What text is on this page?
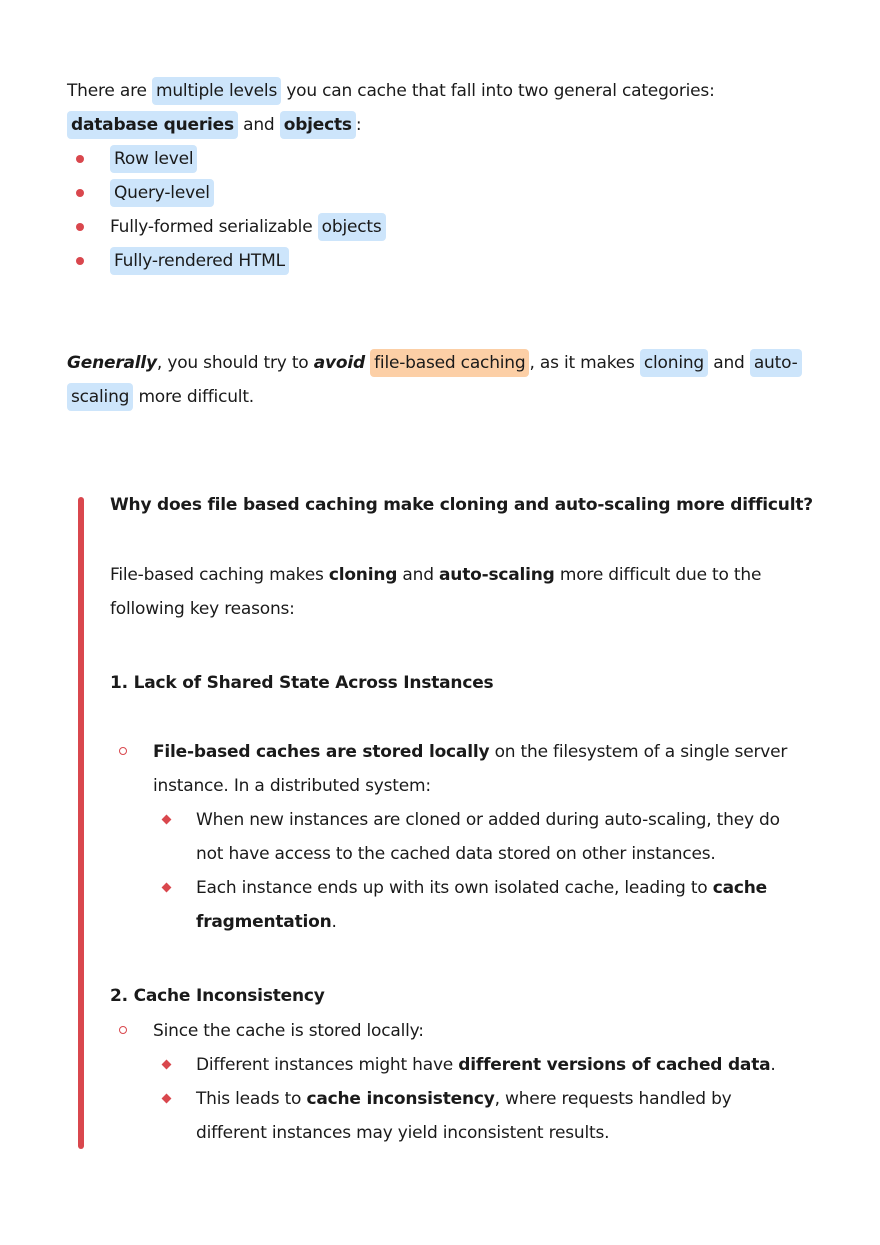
There are multiple levels you can cache that fall into two general categories:
database queries and objects :
Row level
Query-level
Fully-formed serializable objects
Fully-rendered HTML
Generally, you should try to avoid file-based caching , as it makes cloning and auto-
scaling more difficult.
Why does file based caching make cloning and auto-scaling more difficult?
File-based caching makes cloning and auto-scaling more difficult due to the
following key reasons:
1. Lack of Shared State Across Instances
File-based caches are stored locally on the filesystem of a single server
instance. In a distributed system:
When new instances are cloned or added during auto-scaling, they do
not have access to the cached data stored on other instances.
Each instance ends up with its own isolated cache, leading to cache
fragmentation.
2. Cache Inconsistency
Since the cache is stored locally:
Different instances might have different versions of cached data.
This leads to cache inconsistency, where requests handled by
different instances may yield inconsistent results.
